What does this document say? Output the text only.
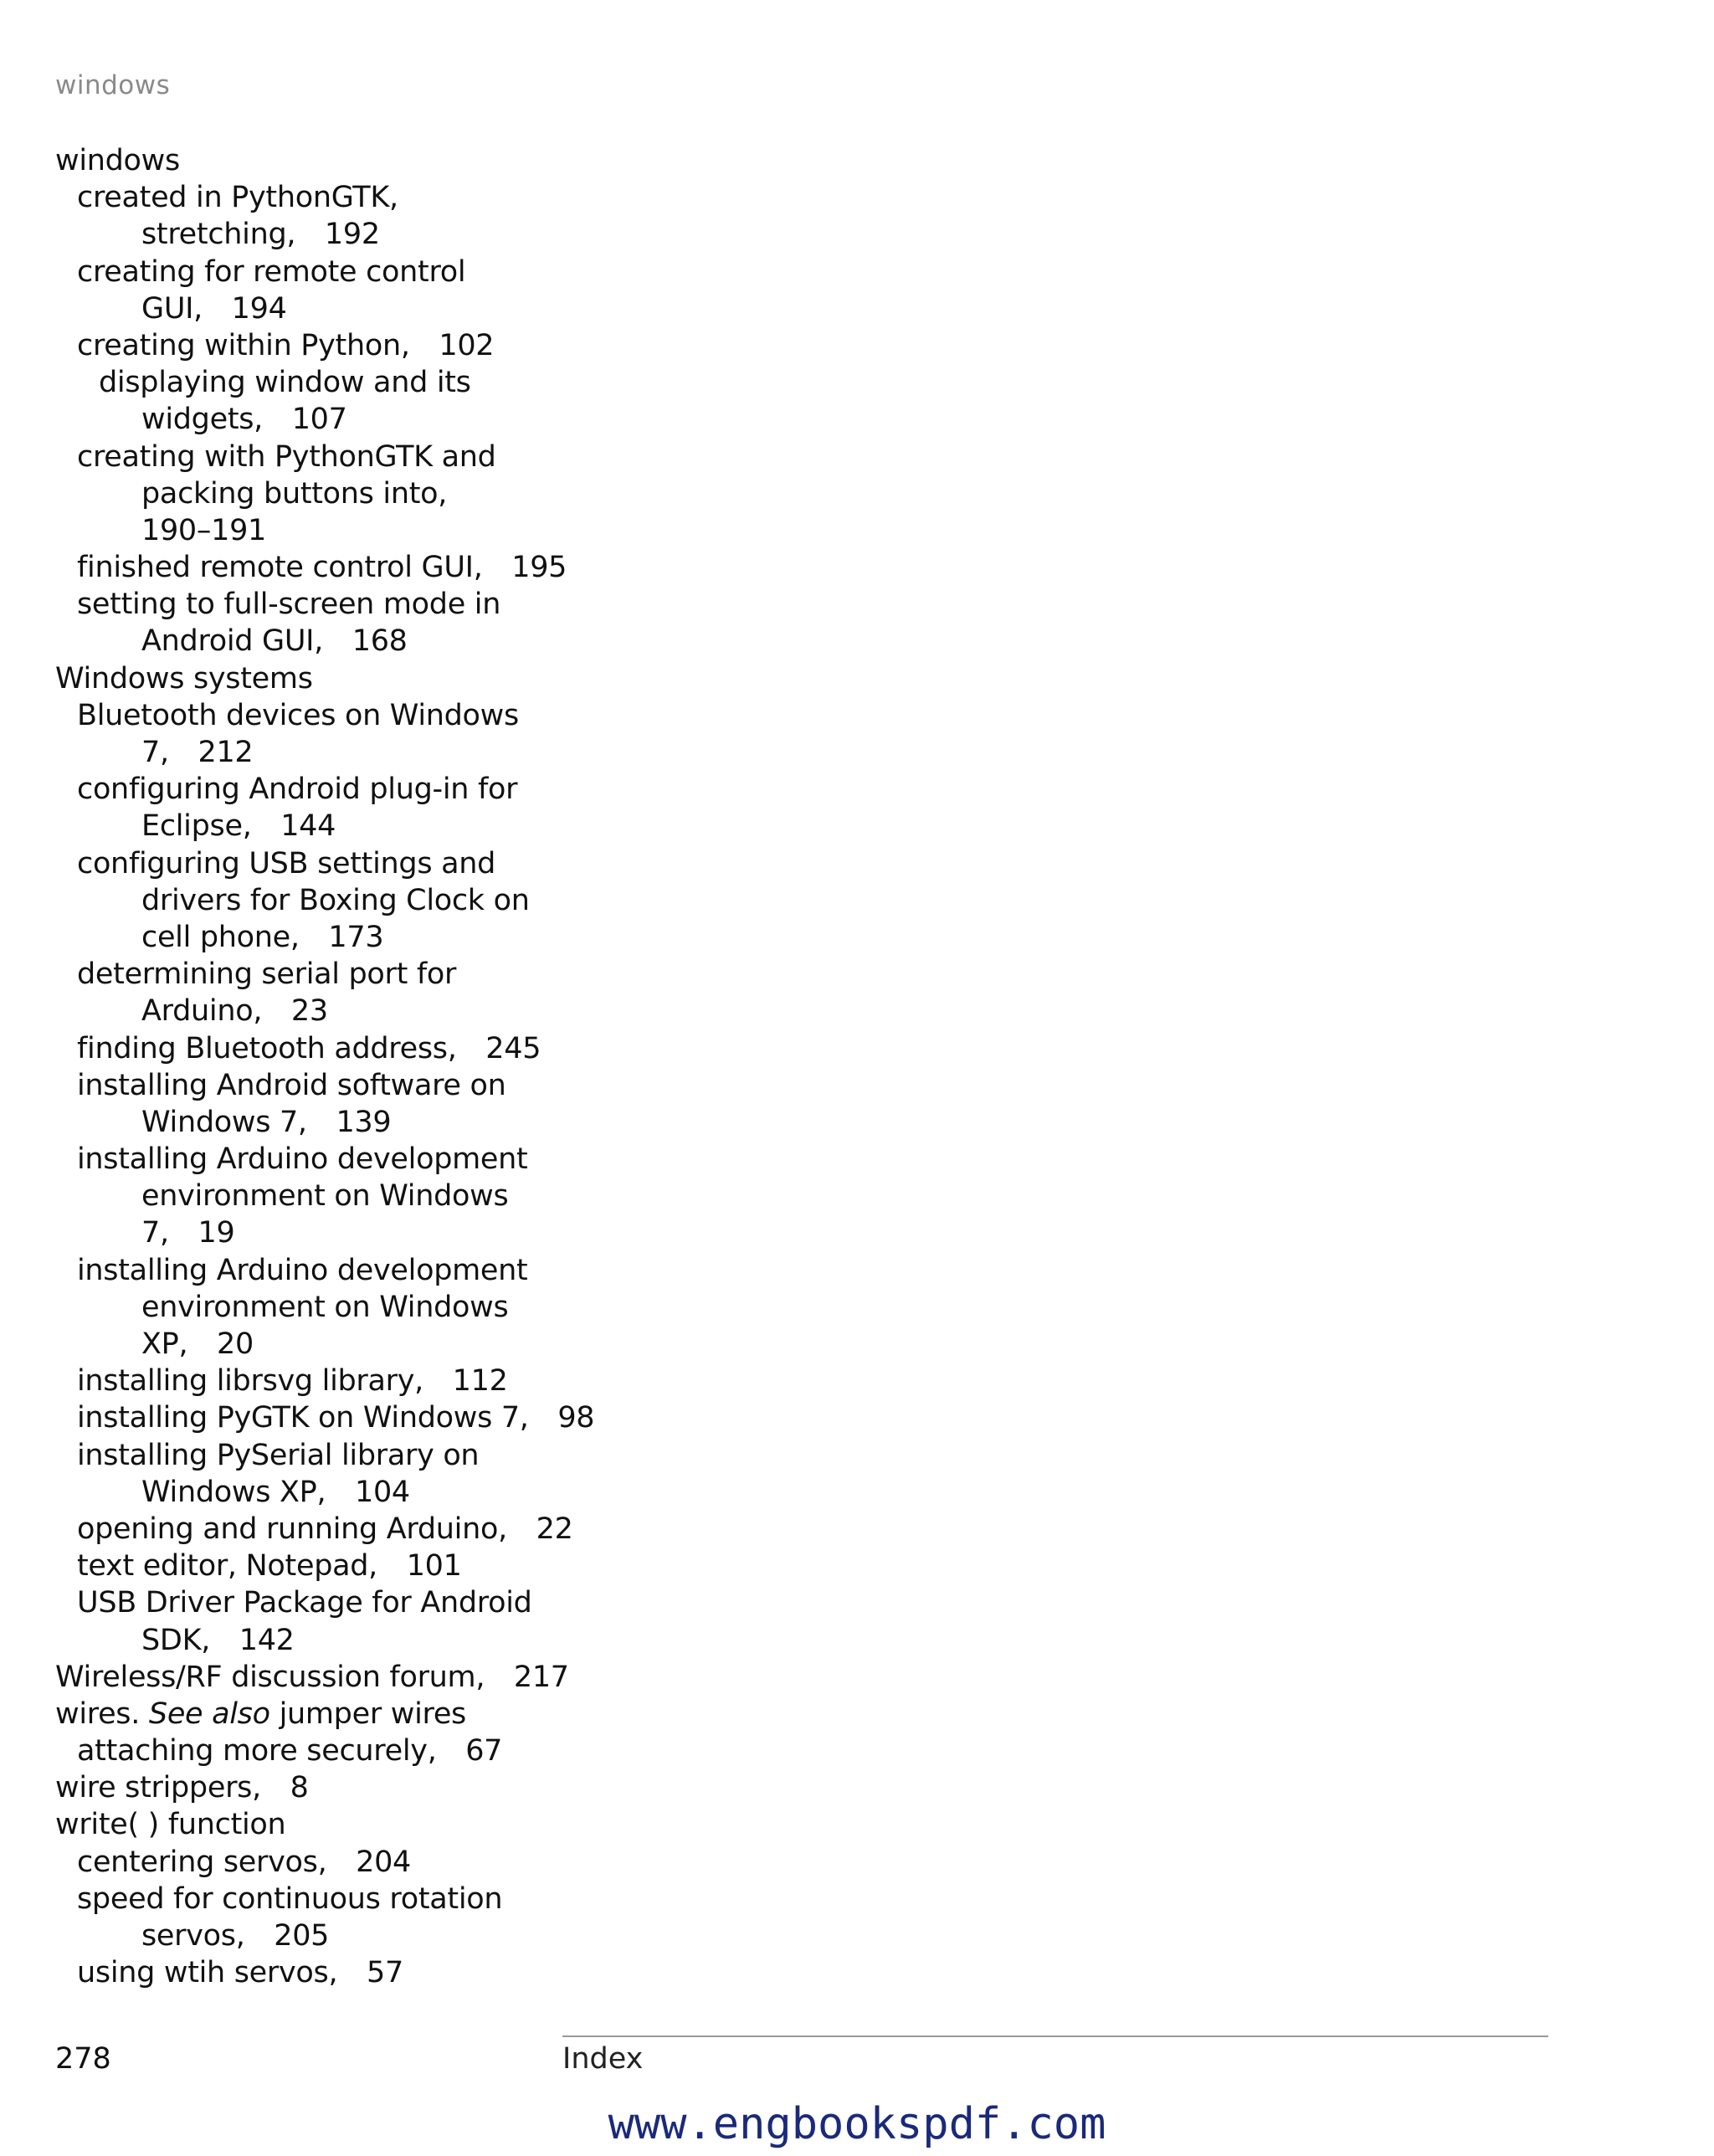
windows
windows
created in PythonGTK,
stretching, 192
creating for remote control
GUI, 194
creating within Python, 102
displaying window and its
widgets, 107
creating with PythonGTK and
packing buttons into,
190–191
finished remote control GUI, 195
setting to full-screen mode in
Android GUI, 168
Windows systems
Bluetooth devices on Windows
7, 212
configuring Android plug-in for
Eclipse, 144
configuring USB settings and
drivers for Boxing Clock on
cell phone, 173
determining serial port for
Arduino, 23
finding Bluetooth address, 245
installing Android software on
Windows 7, 139
installing Arduino development
environment on Windows
7, 19
installing Arduino development
environment on Windows
XP, 20
installing librsvg library, 112
installing PyGTK on Windows 7, 98
installing PySerial library on
Windows XP, 104
opening and running Arduino, 22
text editor, Notepad, 101
USB Driver Package for Android
SDK, 142
Wireless/RF discussion forum, 217
wires. See also jumper wires
attaching more securely, 67
wire strippers, 8
write( ) function
centering servos, 204
speed for continuous rotation
servos, 205
using wtih servos, 57
278	Index
www.engbookspdf.com
